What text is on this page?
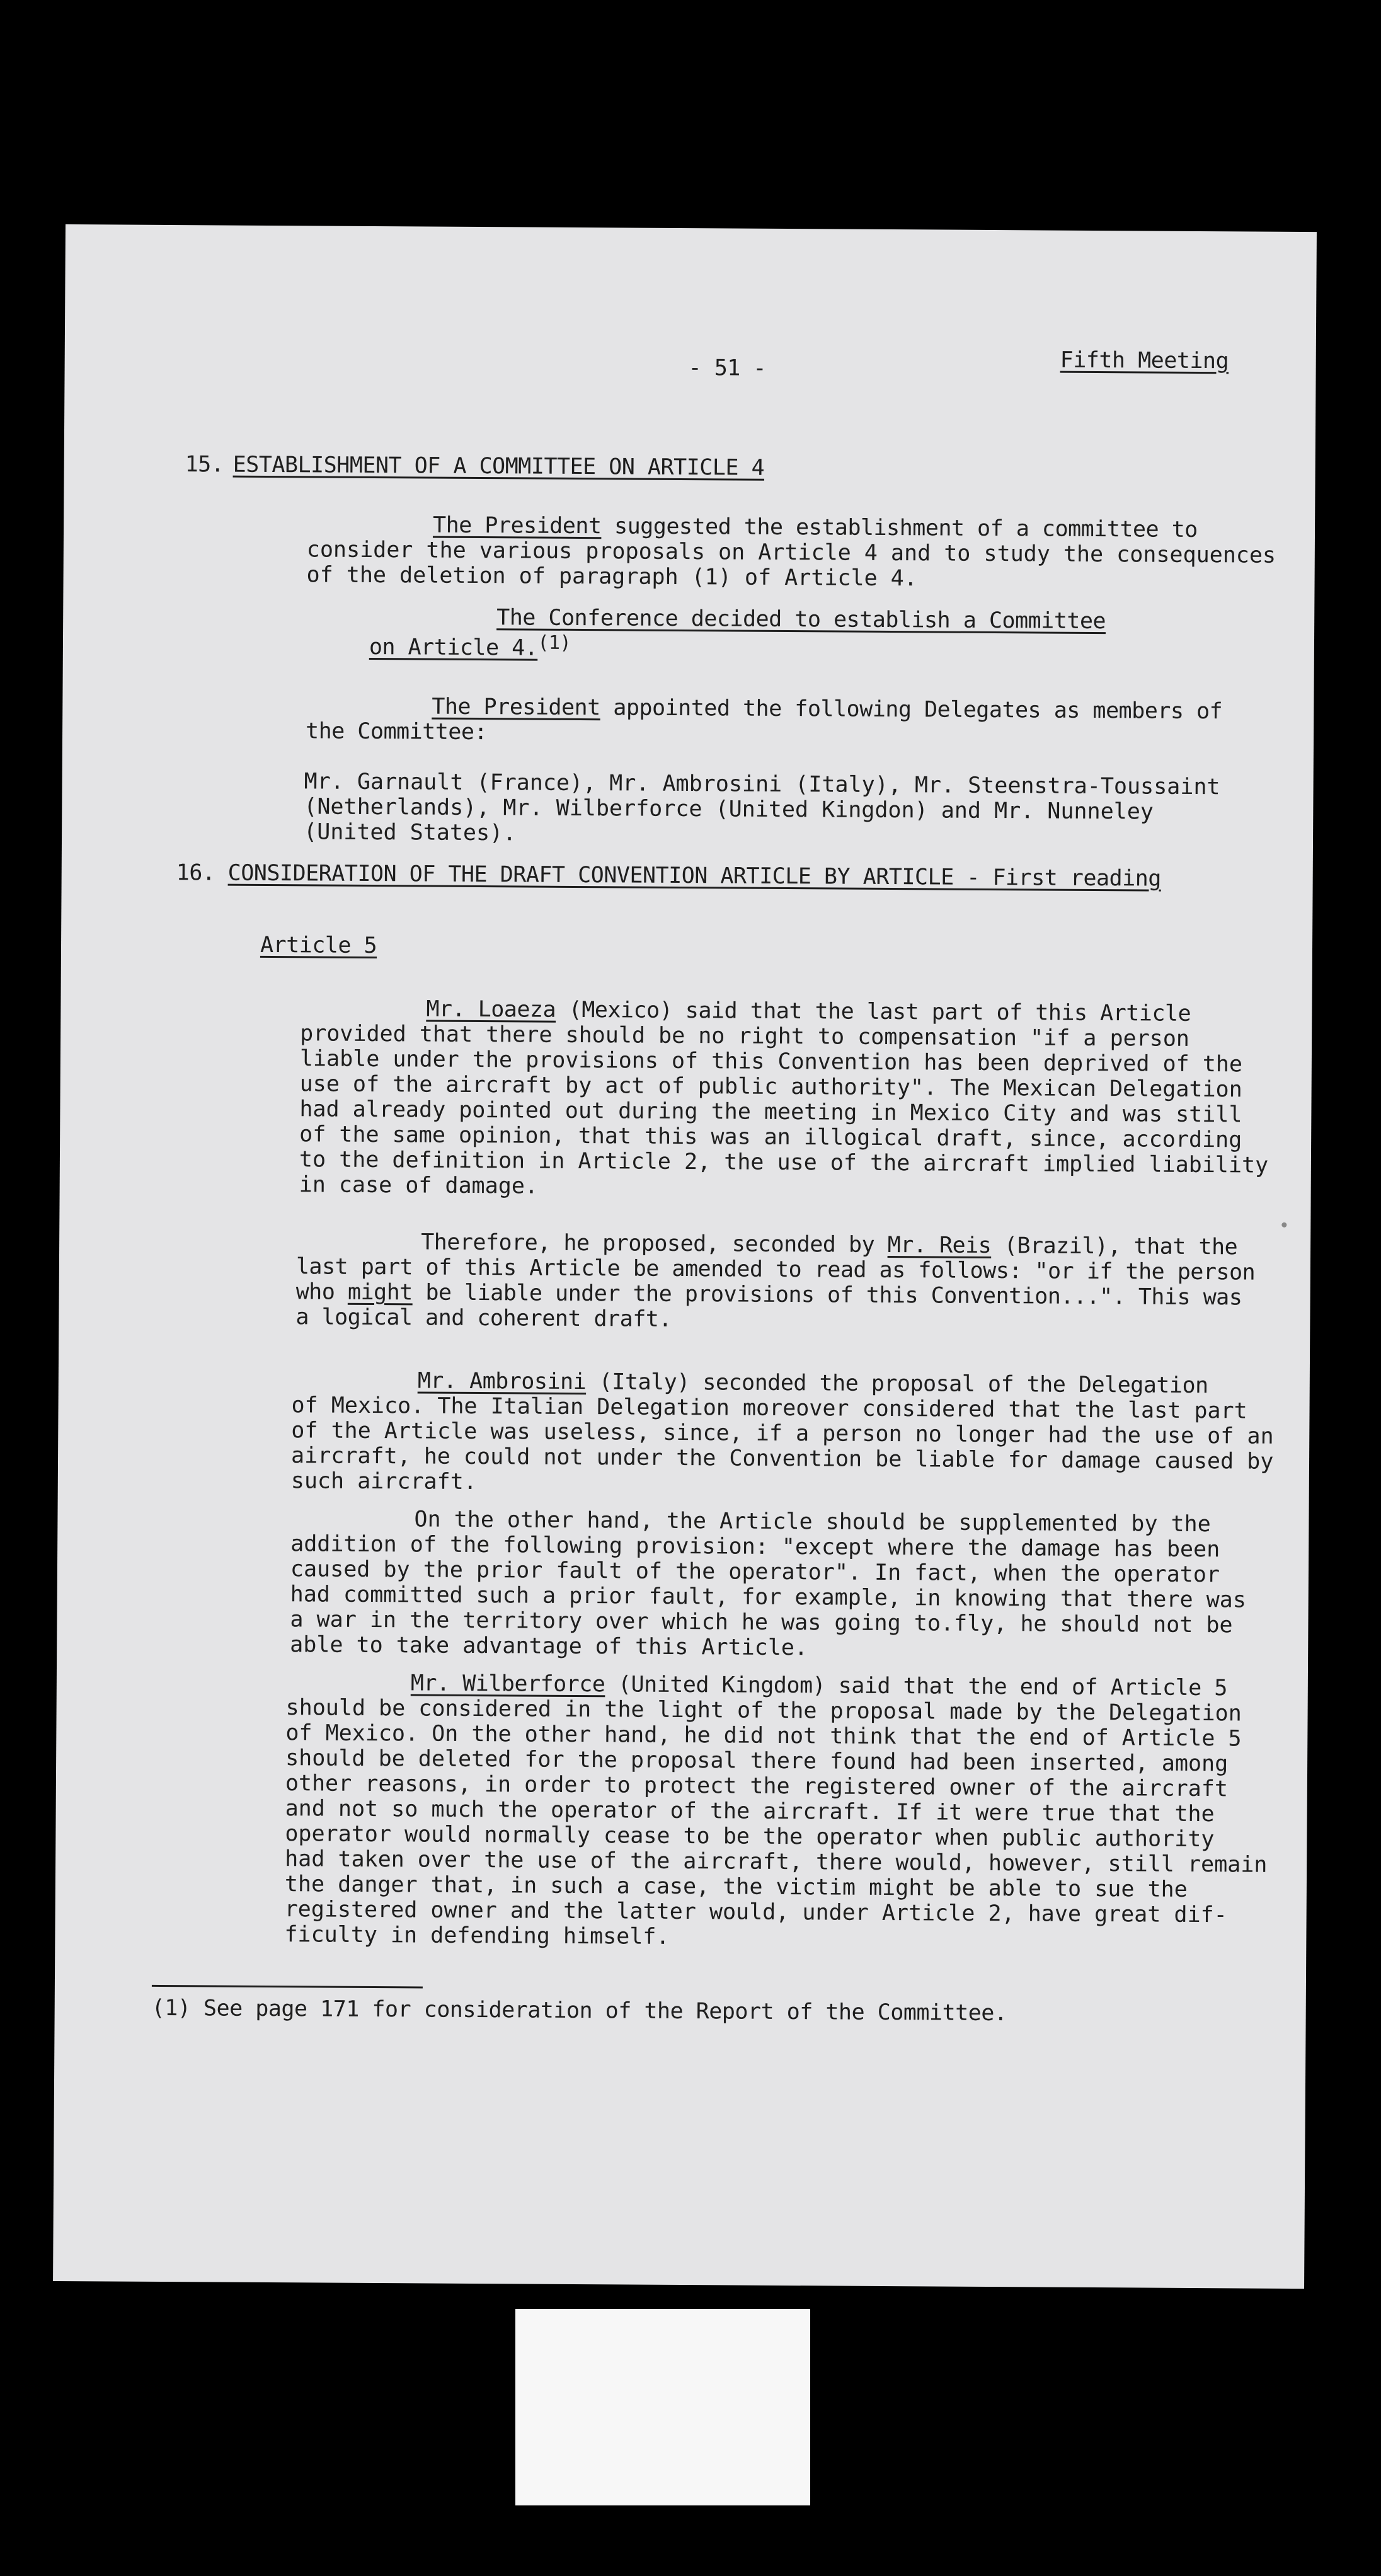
- 51 -	Fifth Meeting
15. ESTABLISHMENT OF A COMMITTEE ON ARTICLE 4
The President suggested the establishment of a committee to
consider the various proposals on Article 4 and to study the consequences
of the deletion of paragraph (1) of Article 4.
The Conference decided to establish a Committee
on Article 4.(1)
The President appointed the following Delegates as members of
the Committee:
Mr. Garnault (France), Mr. Ambrosini (Italy), Mr. Steenstra-Toussaint
(Netherlands), Mr. Wilberforce (United Kingdon) and Mr. Nunneley
(United States).
16. CONSIDERATION OF THE DRAFT CONVENTION ARTICLE BY ARTICLE - First reading
Article 5
Mr. Loaeza (Mexico) said that the last part of this Article
provided that there should be no right to compensation "if a person
liable under the provisions of this Convention has been deprived of the
use of the aircraft by act of public authority". The Mexican Delegation
had already pointed out during the meeting in Mexico City and was still
of the same opinion, that this was an illogical draft, since, according
to the definition in Article 2, the use of the aircraft implied liability
in case of damage.
Therefore, he proposed, seconded by Mr. Reis (Brazil), that the
last part of this Article be amended to read as follows: "or if the person
who might be liable under the provisions of this Convention...". This was
a logical and coherent draft.
Mr. Ambrosini (Italy) seconded the proposal of the Delegation
of Mexico. The Italian Delegation moreover considered that the last part
of the Article was useless, since, if a person no longer had the use of an
aircraft, he could not under the Convention be liable for damage caused by
such aircraft.
On the other hand, the Article should be supplemented by the
addition of the following provision: "except where the damage has been
caused by the prior fault of the operator". In fact, when the operator
had committed such a prior fault, for example, in knowing that there was
a war in the territory over which he was going to.fly, he should not be
able to take advantage of this Article.
Mr. Wilberforce (United Kingdom) said that the end of Article 5
should be considered in the light of the proposal made by the Delegation
of Mexico. On the other hand, he did not think that the end of Article 5
should be deleted for the proposal there found had been inserted, among
other reasons, in order to protect the registered owner of the aircraft
and not so much the operator of the aircraft. If it were true that the
operator would normally cease to be the operator when public authority
had taken over the use of the aircraft, there would, however, still remain
the danger that, in such a case, the victim might be able to sue the
registered owner and the latter would, under Article 2, have great dif-
ficulty in defending himself.
(1) See page 171 for consideration of the Report of the Committee.
